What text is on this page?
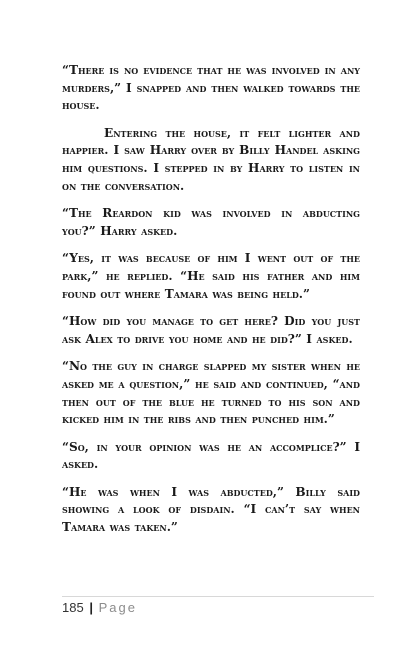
“There is no evidence that he was involved in any murders,” I snapped and then walked towards the house.

Entering the house, it felt lighter and happier. I saw Harry over by Billy Handel asking him questions. I stepped in by Harry to listen in on the conversation.

“The Reardon kid was involved in abducting you?” Harry asked.

“Yes, it was because of him I went out of the park,” he replied. “He said his father and him found out where Tamara was being held.”

“How did you manage to get here? Did you just ask Alex to drive you home and he did?” I asked.

“No the guy in charge slapped my sister when he asked me a question,” he said and continued, “and then out of the blue he turned to his son and kicked him in the ribs and then punched him.”

“So, in your opinion was he an accomplice?” I asked.

“He was when I was abducted,” Billy said showing a look of disdain. “I can’t say when Tamara was taken.”

185 | Page
